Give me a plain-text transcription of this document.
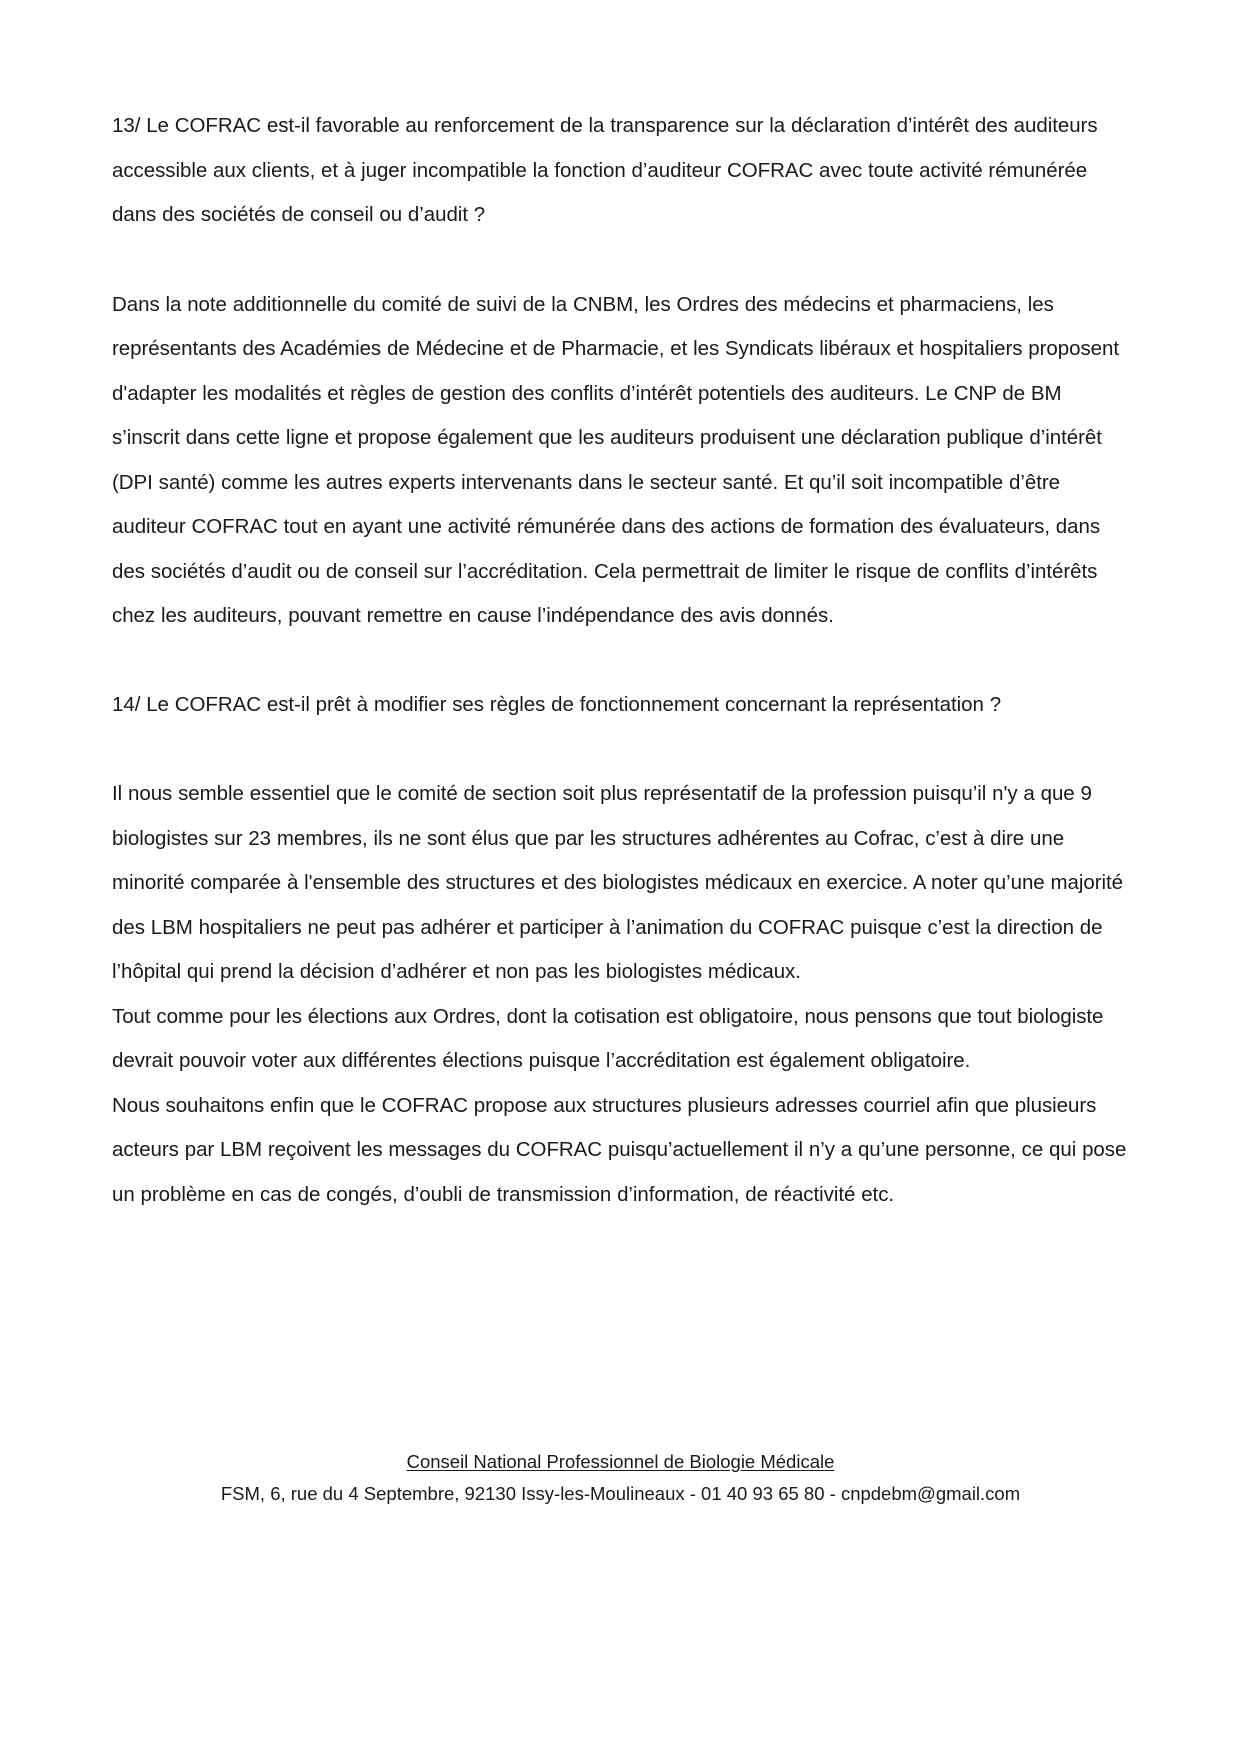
13/ Le COFRAC est-il favorable au renforcement de la transparence sur la déclaration d’intérêt des auditeurs accessible aux clients, et à juger incompatible la fonction d’auditeur COFRAC avec toute activité rémunérée dans des sociétés de conseil ou d’audit ?

Dans la note additionnelle du comité de suivi de la CNBM, les Ordres des médecins et pharmaciens, les représentants des Académies de Médecine et de Pharmacie, et les Syndicats libéraux et hospitaliers proposent d'adapter les modalités et règles de gestion des conflits d’intérêt potentiels des auditeurs. Le CNP de BM s’inscrit dans cette ligne et propose également que les auditeurs produisent une déclaration publique d’intérêt (DPI santé) comme les autres experts intervenants dans le secteur santé. Et qu’il soit incompatible d’être auditeur COFRAC tout en ayant une activité rémunérée dans des actions de formation des évaluateurs, dans des sociétés d’audit ou de conseil sur l’accréditation. Cela permettrait de limiter le risque de conflits d’intérêts chez les auditeurs, pouvant remettre en cause l’indépendance des avis donnés.

14/ Le COFRAC est-il prêt à modifier ses règles de fonctionnement concernant la représentation ?

Il nous semble essentiel que le comité de section soit plus représentatif de la profession puisqu’il n'y a que 9 biologistes sur 23 membres, ils ne sont élus que par les structures adhérentes au Cofrac, c’est à dire une minorité comparée à l'ensemble des structures et des biologistes médicaux en exercice. A noter qu’une majorité des LBM hospitaliers ne peut pas adhérer et participer à l’animation du COFRAC puisque c’est la direction de l’hôpital qui prend la décision d’adhérer et non pas les biologistes médicaux.

Tout comme pour les élections aux Ordres, dont la cotisation est obligatoire, nous pensons que tout biologiste devrait pouvoir voter aux différentes élections puisque l’accréditation est également obligatoire.

Nous souhaitons enfin que le COFRAC propose aux structures plusieurs adresses courriel afin que plusieurs acteurs par LBM reçoivent les messages du COFRAC puisqu’actuellement il n’y a qu’une personne, ce qui pose un problème en cas de congés, d’oubli de transmission d’information, de réactivité etc.

Conseil National Professionnel de Biologie Médicale
FSM, 6, rue du 4 Septembre, 92130 Issy-les-Moulineaux - 01 40 93 65 80 - cnpdebm@gmail.com
